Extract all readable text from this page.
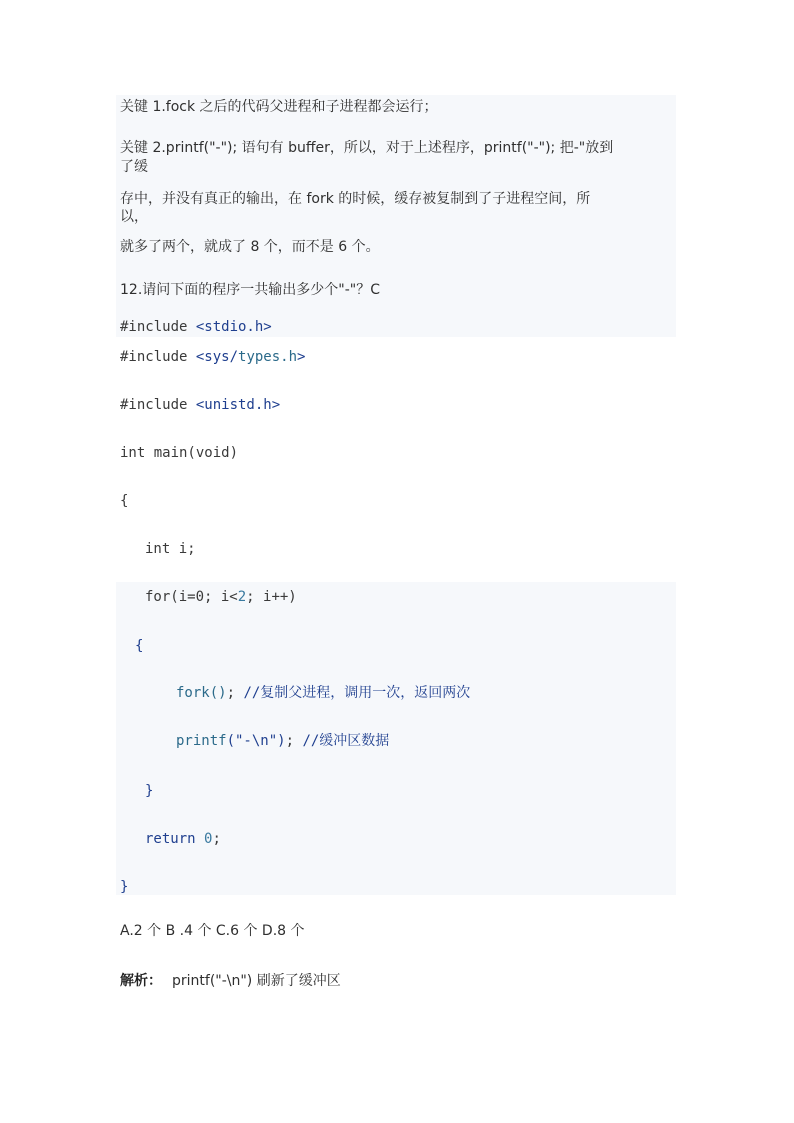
关键 1.fock 之后的代码父进程和子进程都会运行；
关键 2.printf("-"); 语句有 buffer，所以，对于上述程序，printf("-"); 把-"放到
了缓
存中，并没有真正的输出，在 fork 的时候，缓存被复制到了子进程空间，所
以，
就多了两个，就成了 8 个，而不是 6 个。
12.请问下面的程序一共输出多少个"-"？C
#include <stdio.h>
#include <sys/types.h>
#include <unistd.h>
int main(void)
{
int i;
for(i=0; i<2; i++)
{
fork(); //复制父进程，调用一次，返回两次
printf("-\n"); //缓冲区数据
}
return 0;
}
A.2 个 B .4 个 C.6 个 D.8 个
解析： printf("-\n") 刷新了缓冲区
